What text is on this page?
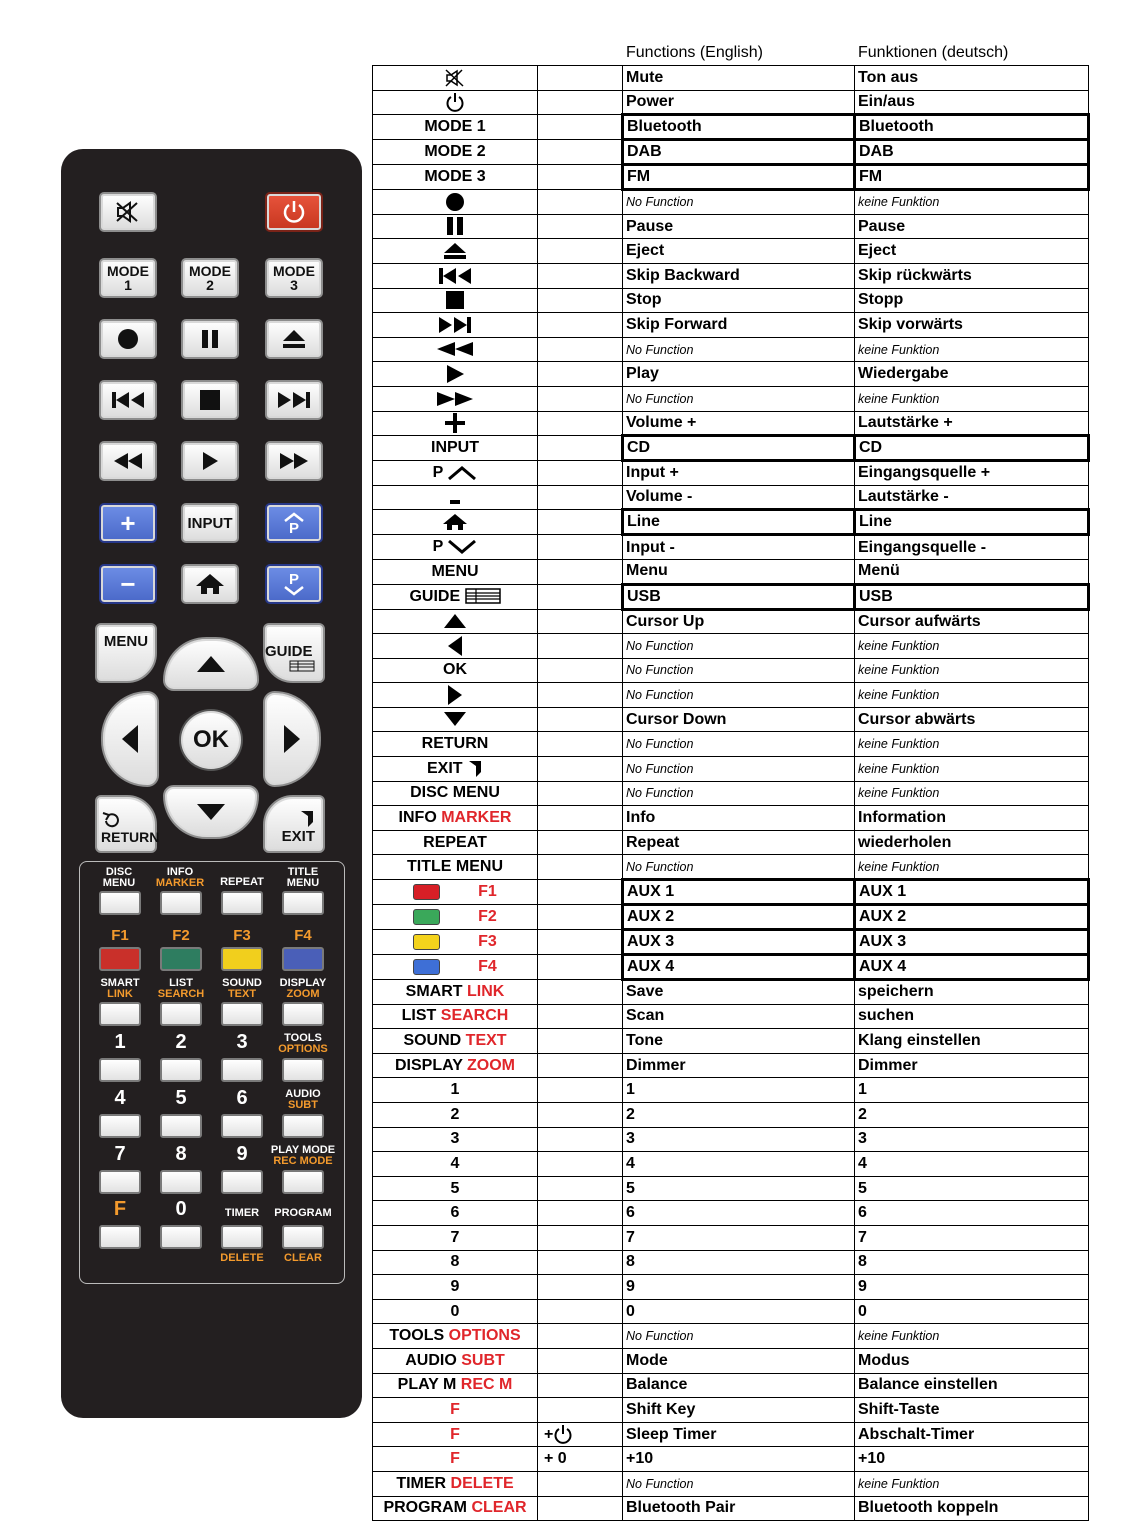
Functions (English)	Funktionen (deutsch)
		Mute	Ton aus
		Power	Ein/aus
MODE 1		Bluetooth	Bluetooth
MODE 2		DAB	DAB
MODE 3		FM	FM
		No Function	keine Funktion
		Pause	Pause
		Eject	Eject
		Skip Backward	Skip rückwärts
		Stop	Stopp
		Skip Forward	Skip vorwärts
		No Function	keine Funktion
		Play	Wiedergabe
		No Function	keine Funktion
		Volume +	Lautstärke +
INPUT		CD	CD
P		Input +	Eingangsquelle +
		Volume -	Lautstärke -
		Line	Line
P		Input -	Eingangsquelle -
MENU		Menu	Menü
GUIDE		USB	USB
		Cursor Up	Cursor aufwärts
		No Function	keine Funktion
OK		No Function	keine Funktion
		No Function	keine Funktion
		Cursor Down	Cursor abwärts
RETURN		No Function	keine Funktion
EXIT		No Function	keine Funktion
DISC MENU		No Function	keine Funktion
INFO MARKER		Info	Information
REPEAT		Repeat	wiederholen
TITLE MENU		No Function	keine Funktion
F1		AUX 1	AUX 1
F2		AUX 2	AUX 2
F3		AUX 3	AUX 3
F4		AUX 4	AUX 4
SMART LINK		Save	speichern
LIST SEARCH		Scan	suchen
SOUND TEXT		Tone	Klang einstellen
DISPLAY ZOOM		Dimmer	Dimmer
1		1	1
2		2	2
3		3	3
4		4	4
5		5	5
6		6	6
7		7	7
8		8	8
9		9	9
0		0	0
TOOLS OPTIONS		No Function	keine Funktion
AUDIO SUBT		Mode	Modus
PLAY M REC M		Balance	Balance einstellen
F		Shift Key	Shift-Taste
F	+	Sleep Timer	Abschalt-Timer
F	+ 0	+10	+10
TIMER DELETE		No Function	keine Funktion
PROGRAM CLEAR		Bluetooth Pair	Bluetooth koppeln
MODE
1
MODE
2
MODE
3
+	INPUT	P
−	P
MENU
GUIDE
OK
RETURN	EXIT
DISC
MENU
INFO
MARKER	REPEAT
TITLE
MENU
F1	F2	F3	F4
SMART
LINK
LIST
SEARCH
SOUND
TEXT
DISPLAY
ZOOM
1	2	3	TOOLS
OPTIONS
4	5	6	AUDIO
SUBT
7	8	9	PLAY MODE
REC MODE
F	0	TIMER	PROGRAM
DELETE	CLEAR
